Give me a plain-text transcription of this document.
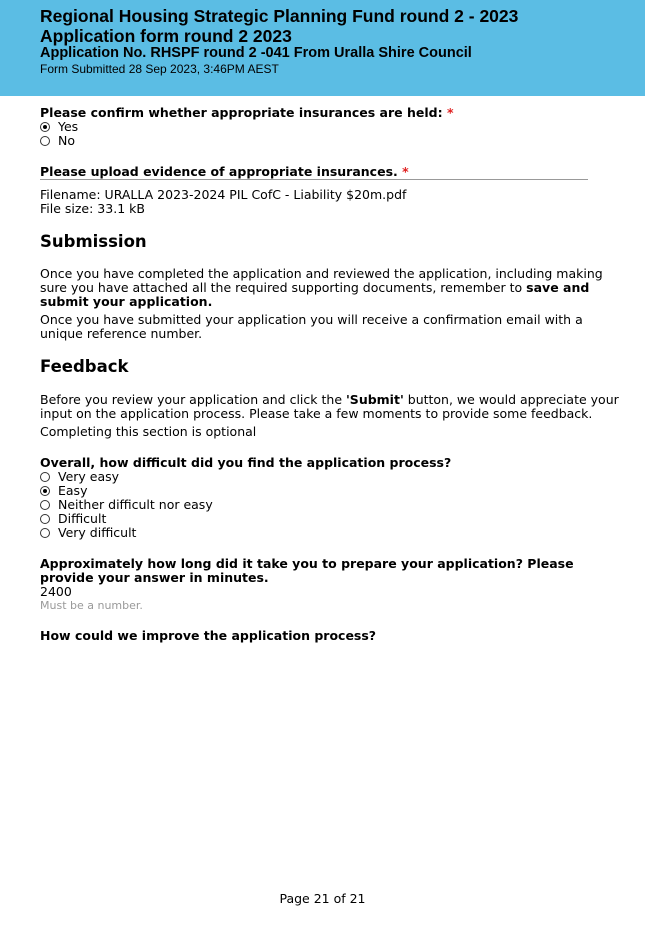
Regional Housing Strategic Planning Fund round 2 - 2023
Application form round 2 2023
Application No. RHSPF round 2 -041 From Uralla Shire Council
Form Submitted 28 Sep 2023, 3:46PM AEST
Please confirm whether appropriate insurances are held: *
Yes
No
Please upload evidence of appropriate insurances. *
Filename: URALLA 2023-2024 PIL CofC - Liability $20m.pdf
File size: 33.1 kB
Submission
Once you have completed the application and reviewed the application, including making
sure you have attached all the required supporting documents, remember to save and
submit your application.
Once you have submitted your application you will receive a confirmation email with a
unique reference number.
Feedback
Before you review your application and click the 'Submit' button, we would appreciate your
input on the application process. Please take a few moments to provide some feedback.
Completing this section is optional
Overall, how difficult did you find the application process?
Very easy
Easy
Neither difficult nor easy
Difficult
Very difficult
Approximately how long did it take you to prepare your application? Please
provide your answer in minutes.
2400
Must be a number.
How could we improve the application process?
Page 21 of 21
